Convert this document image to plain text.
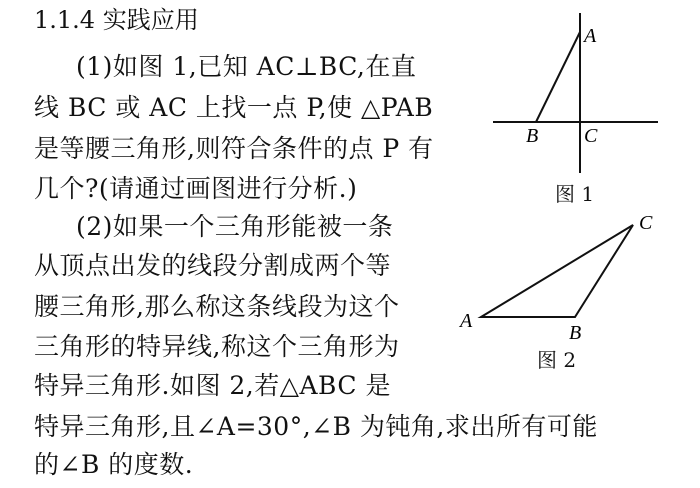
1.1.4 实践应用
(1)如图 1,已知 AC⊥BC,在直
线 BC 或 AC 上找一点 P,使 △PAB
是等腰三角形,则符合条件的点 P 有
几个?(请通过画图进行分析.)
(2)如果一个三角形能被一条
从顶点出发的线段分割成两个等
腰三角形,那么称这条线段为这个
三角形的特异线,称这个三角形为
特异三角形.如图 2,若△ABC 是
特异三角形,且∠A=30°,∠B 为钝角,求出所有可能
的∠B 的度数.
A
B C
图 1
A
B
C
图 2
